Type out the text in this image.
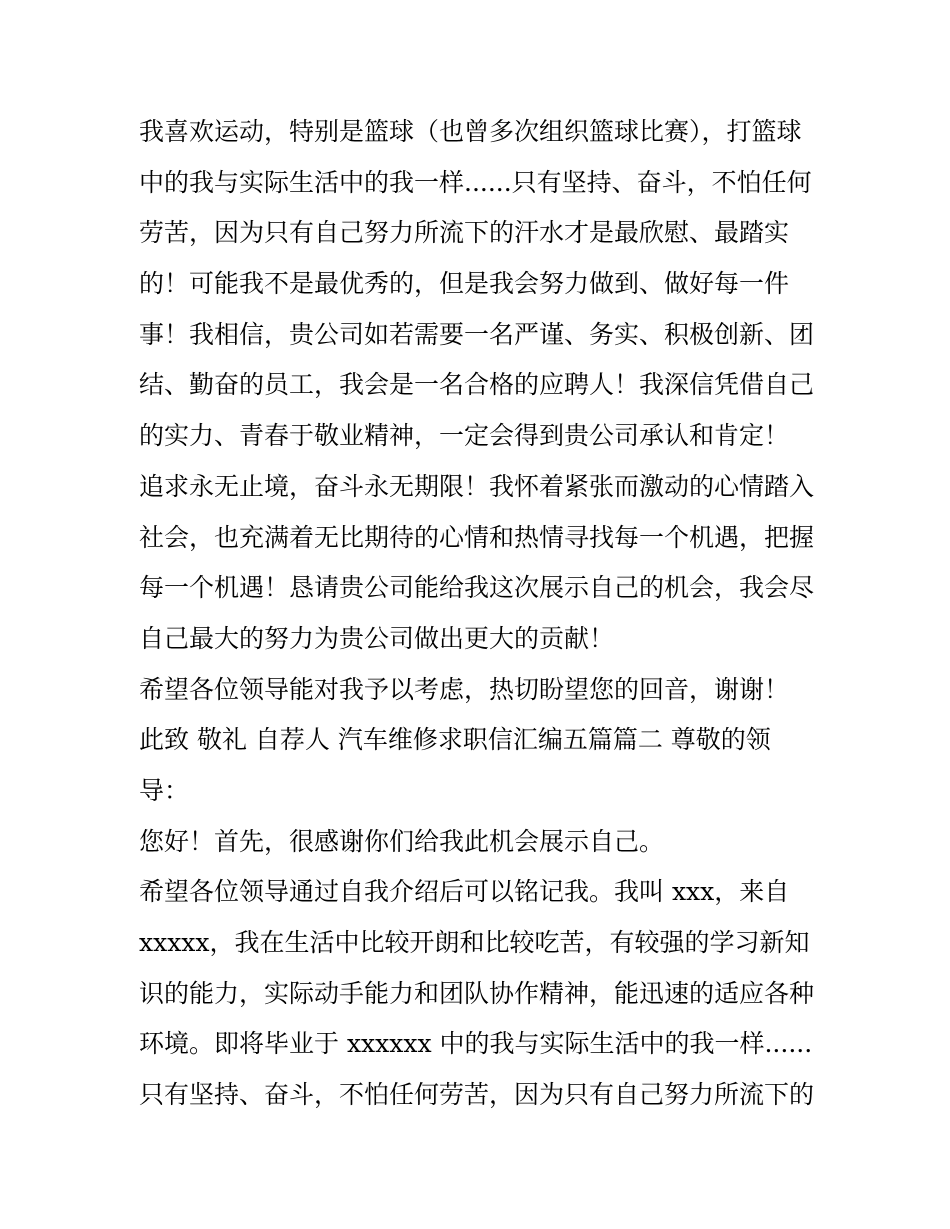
我喜欢运动，特别是篮球（也曾多次组织篮球比赛），打篮球
中的我与实际生活中的我一样......只有坚持、奋斗，不怕任何
劳苦，因为只有自己努力所流下的汗水才是最欣慰、最踏实
的！可能我不是最优秀的，但是我会努力做到、做好每一件
事！我相信，贵公司如若需要一名严谨、务实、积极创新、团
结、勤奋的员工，我会是一名合格的应聘人！我深信凭借自己
的实力、青春于敬业精神，一定会得到贵公司承认和肯定！
追求永无止境，奋斗永无期限！我怀着紧张而激动的心情踏入
社会，也充满着无比期待的心情和热情寻找每一个机遇，把握
每一个机遇！恳请贵公司能给我这次展示自己的机会，我会尽
自己最大的努力为贵公司做出更大的贡献！
希望各位领导能对我予以考虑，热切盼望您的回音，谢谢！
此致 敬礼 自荐人 汽车维修求职信汇编五篇篇二 尊敬的领
导：
您好！首先，很感谢你们给我此机会展示自己。
希望各位领导通过自我介绍后可以铭记我。我叫 xxx，来自
xxxxx，我在生活中比较开朗和比较吃苦，有较强的学习新知
识的能力，实际动手能力和团队协作精神，能迅速的适应各种
环境。即将毕业于 xxxxxx 中的我与实际生活中的我一样......
只有坚持、奋斗，不怕任何劳苦，因为只有自己努力所流下的
